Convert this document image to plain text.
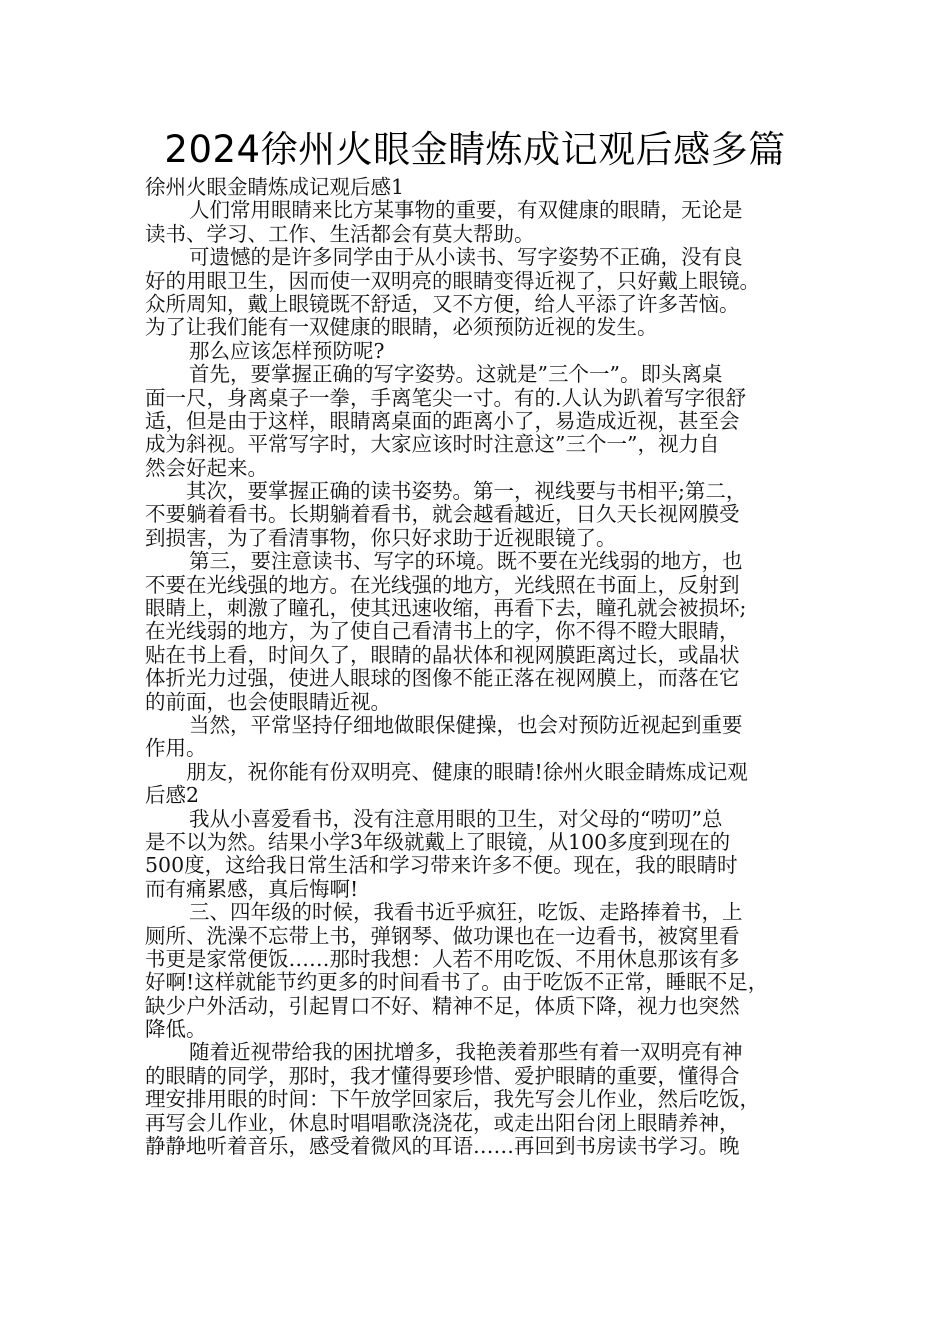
2024徐州火眼金睛炼成记观后感多篇
徐州火眼金睛炼成记观后感1
人们常用眼睛来比方某事物的重要，有双健康的眼睛，无论是
读书、学习、工作、生活都会有莫大帮助。
可遗憾的是许多同学由于从小读书、写字姿势不正确，没有良
好的用眼卫生，因而使一双明亮的眼睛变得近视了，只好戴上眼镜。
众所周知，戴上眼镜既不舒适，又不方便，给人平添了许多苦恼。
为了让我们能有一双健康的眼睛，必须预防近视的发生。
那么应该怎样预防呢?
首先，要掌握正确的写字姿势。这就是”三个一”。即头离桌
面一尺，身离桌子一拳，手离笔尖一寸。有的.人认为趴着写字很舒
适，但是由于这样，眼睛离桌面的距离小了，易造成近视，甚至会
成为斜视。平常写字时，大家应该时时注意这”三个一”，视力自
然会好起来。
其次，要掌握正确的读书姿势。第一，视线要与书相平;第二，
不要躺着看书。长期躺着看书，就会越看越近，日久天长视网膜受
到损害，为了看清事物，你只好求助于近视眼镜了。
第三，要注意读书、写字的环境。既不要在光线弱的地方，也
不要在光线强的地方。在光线强的地方，光线照在书面上，反射到
眼睛上，刺激了瞳孔，使其迅速收缩，再看下去，瞳孔就会被损坏;
在光线弱的地方，为了使自己看清书上的字，你不得不瞪大眼睛，
贴在书上看，时间久了，眼睛的晶状体和视网膜距离过长，或晶状
体折光力过强，使进人眼球的图像不能正落在视网膜上，而落在它
的前面，也会使眼睛近视。
当然，平常坚持仔细地做眼保健操，也会对预防近视起到重要
作用。
朋友，祝你能有份双明亮、健康的眼睛!徐州火眼金睛炼成记观
后感2
我从小喜爱看书，没有注意用眼的卫生，对父母的“唠叨”总
是不以为然。结果小学3年级就戴上了眼镜，从100多度到现在的
500度，这给我日常生活和学习带来许多不便。现在，我的眼睛时
而有痛累感，真后悔啊!
三、四年级的时候，我看书近乎疯狂，吃饭、走路捧着书，上
厕所、洗澡不忘带上书，弹钢琴、做功课也在一边看书，被窝里看
书更是家常便饭……那时我想：人若不用吃饭、不用休息那该有多
好啊!这样就能节约更多的时间看书了。由于吃饭不正常，睡眠不足，
缺少户外活动，引起胃口不好、精神不足，体质下降，视力也突然
降低。
随着近视带给我的困扰增多，我艳羡着那些有着一双明亮有神
的眼睛的同学，那时，我才懂得要珍惜、爱护眼睛的重要，懂得合
理安排用眼的时间：下午放学回家后，我先写会儿作业，然后吃饭，
再写会儿作业，休息时唱唱歌浇浇花，或走出阳台闭上眼睛养神，
静静地听着音乐，感受着微风的耳语……再回到书房读书学习。晚
